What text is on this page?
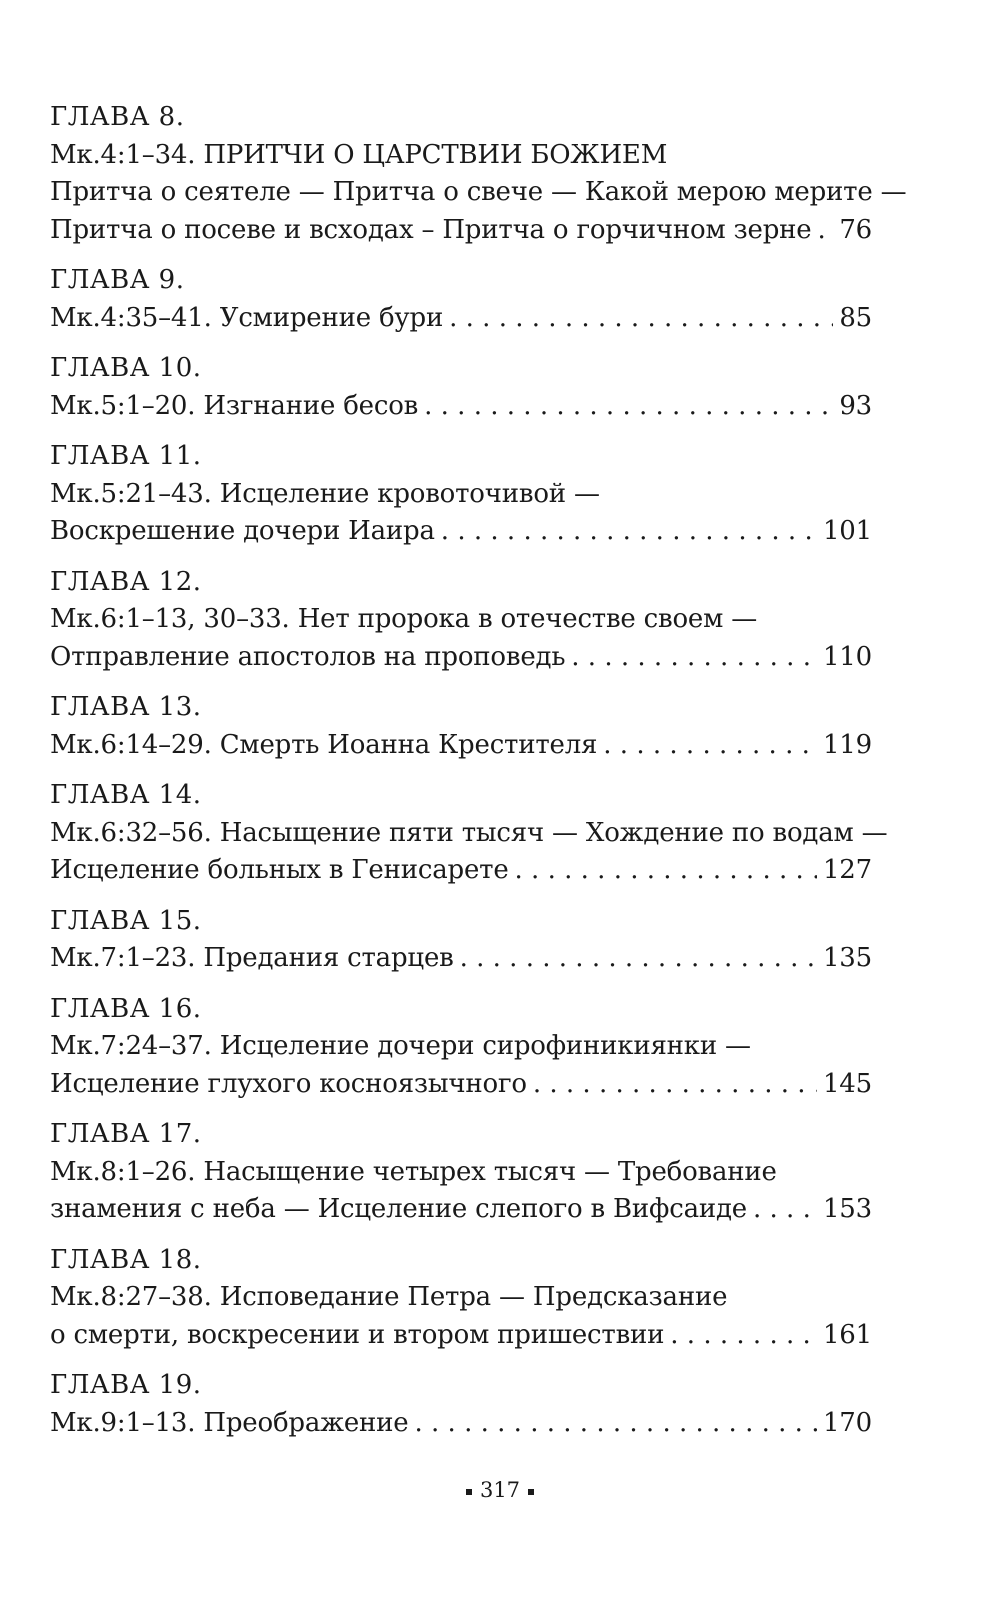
ГЛАВА 8.
Мк.4:1–34. ПРИТЧИ О ЦАРСТВИИ БОЖИЕМ
Притча о сеятеле — Притча о свече — Какой мерою мерите —
Притча о посеве и всходах – Притча о горчичном зерне . . . 76
ГЛАВА 9.
Мк.4:35–41. Усмирение бури . . .	85
ГЛАВА 10.
Мк.5:1–20. Изгнание бесов . . .	93
ГЛАВА 11.
Мк.5:21–43. Исцеление кровоточивой —
Воскрешение дочери Иаира . . .	101
ГЛАВА 12.
Мк.6:1–13, 30–33. Нет пророка в отечестве своем —
Отправление апостолов на проповедь . . .	110
ГЛАВА 13.
Мк.6:14–29. Смерть Иоанна Крестителя . . .	119
ГЛАВА 14.
Мк.6:32–56. Насыщение пяти тысяч — Хождение по водам —
Исцеление больных в Генисарете . . .	127
ГЛАВА 15.
Мк.7:1–23. Предания старцев . . .	135
ГЛАВА 16.
Мк.7:24–37. Исцеление дочери сирофиникиянки —
Исцеление глухого косноязычного . . .	145
ГЛАВА 17.
Мк.8:1–26. Насыщение четырех тысяч — Требование
знамения с неба — Исцеление слепого в Вифсаиде . . .	153
ГЛАВА 18.
Мк.8:27–38. Исповедание Петра — Предсказание
о смерти, воскресении и втором пришествии . . .	161
ГЛАВА 19.
Мк.9:1–13. Преображение . . .	170
317
